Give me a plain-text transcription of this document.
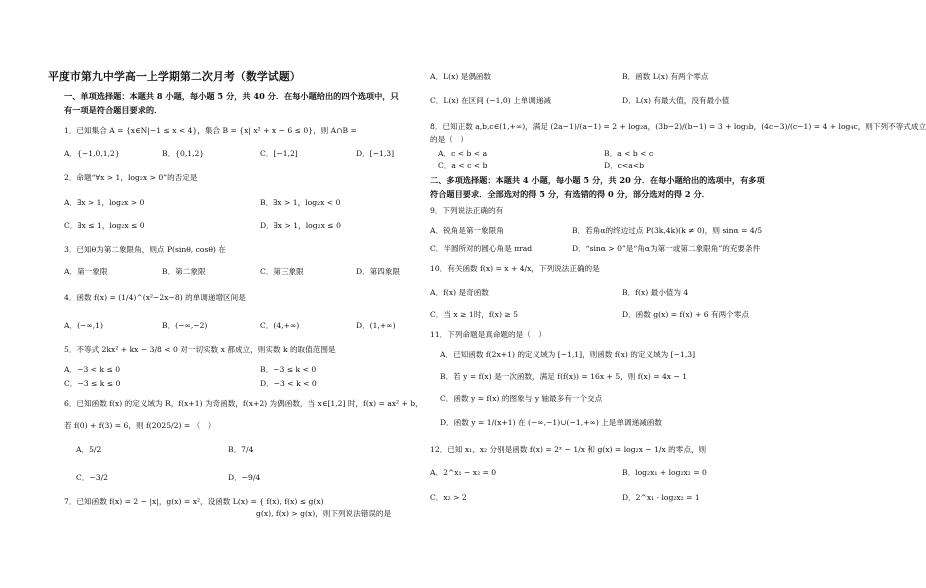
平度市第九中学高一上学期第二次月考（数学试题）
一、单项选择题：本题共 8 小题，每小题 5 分，共 40 分．在每小题给出的四个选项中，只
有一项是符合题目要求的．
1．已知集合 A = {x∈N|−1 ≤ x < 4}，集合 B = {x| x² + x − 6 ≤ 0}，则 A∩B =
A．{−1,0,1,2}	B．{0,1,2}	C．[−1,2]	D．[−1,3]
2．命题“∀x > 1，log₂x > 0”的否定是
A．∃x > 1，log₂x > 0	B．∃x > 1，log₂x < 0
C．∃x ≤ 1，log₂x ≤ 0	D．∃x > 1，log₂x ≤ 0
3．已知θ为第二象限角，则点 P(sinθ, cosθ) 在
A．第一象限	B．第二象限	C．第三象限	D．第四象限
4．函数 f(x) = (1/4)^(x²−2x−8) 的单调递增区间是
A．(−∞,1)	B．(−∞,−2)	C．(4,+∞)	D．(1,+∞)
5．不等式 2kx² + kx − 3/8 < 0 对一切实数 x 都成立，则实数 k 的取值范围是
A．−3 < k ≤ 0	B．−3 ≤ k < 0
C．−3 ≤ k ≤ 0	D．−3 < k < 0
6．已知函数 f(x) 的定义域为 R，f(x+1) 为奇函数，f(x+2) 为偶函数，当 x∈[1,2] 时，f(x) = ax² + b，
若 f(0) + f(3) = 6，则 f(2025/2) = （　）
A．5/2	B．7/4
C．−3/2	D．−9/4
7．已知函数 f(x) = 2 − |x|，g(x) = x²，设函数 L(x) = { f(x), f(x) ≤ g(x)
g(x), f(x) > g(x)，则下列说法错误的是
A．L(x) 是偶函数	B．函数 L(x) 有两个零点
C．L(x) 在区间 (−1,0) 上单调递减	D．L(x) 有最大值，没有最小值
8．已知正数 a,b,c∈(1,+∞)，满足 (2a−1)/(a−1) = 2 + log₂a，(3b−2)/(b−1) = 3 + log₃b，(4c−3)/(c−1) = 4 + log₄c，则下列不等式成立
的是（　）
A．c < b < a	B．a < b < c
C．a < c < b	D．c<a<b
二、多项选择题：本题共 4 小题，每小题 5 分，共 20 分．在每小题给出的选项中，有多项
符合题目要求．全部选对的得 5 分，有选错的得 0 分，部分选对的得 2 分．
9．下列说法正确的有
A．锐角是第一象限角	B．若角α的终边过点 P(3k,4k)(k ≠ 0)，则 sinα = 4/5
C．半圆所对的圆心角是 πrad	D．“sinα > 0”是“角α为第一或第二象限角”的充要条件
10．有关函数 f(x) = x + 4/x，下列说法正确的是
A．f(x) 是奇函数	B．f(x) 最小值为 4
C．当 x ≥ 1时，f(x) ≥ 5	D．函数 g(x) = f(x) + 6 有两个零点
11．下列命题是真命题的是（　）
A．已知函数 f(2x+1) 的定义域为 [−1,1]，则函数 f(x) 的定义域为 [−1,3]
B．若 y = f(x) 是一次函数，满足 f(f(x)) = 16x + 5，则 f(x) = 4x − 1
C．函数 y = f(x) 的图象与 y 轴最多有一个交点
D．函数 y = 1/(x+1) 在 (−∞,−1)∪(−1,+∞) 上是单调递减函数
12．已知 x₁、x₂ 分别是函数 f(x) = 2ˣ − 1/x 和 g(x) = log₂x − 1/x 的零点，则
A．2^x₁ − x₂ = 0	B．log₂x₁ + log₂x₂ = 0
C．x₂ > 2	D．2^x₁ · log₂x₂ = 1
